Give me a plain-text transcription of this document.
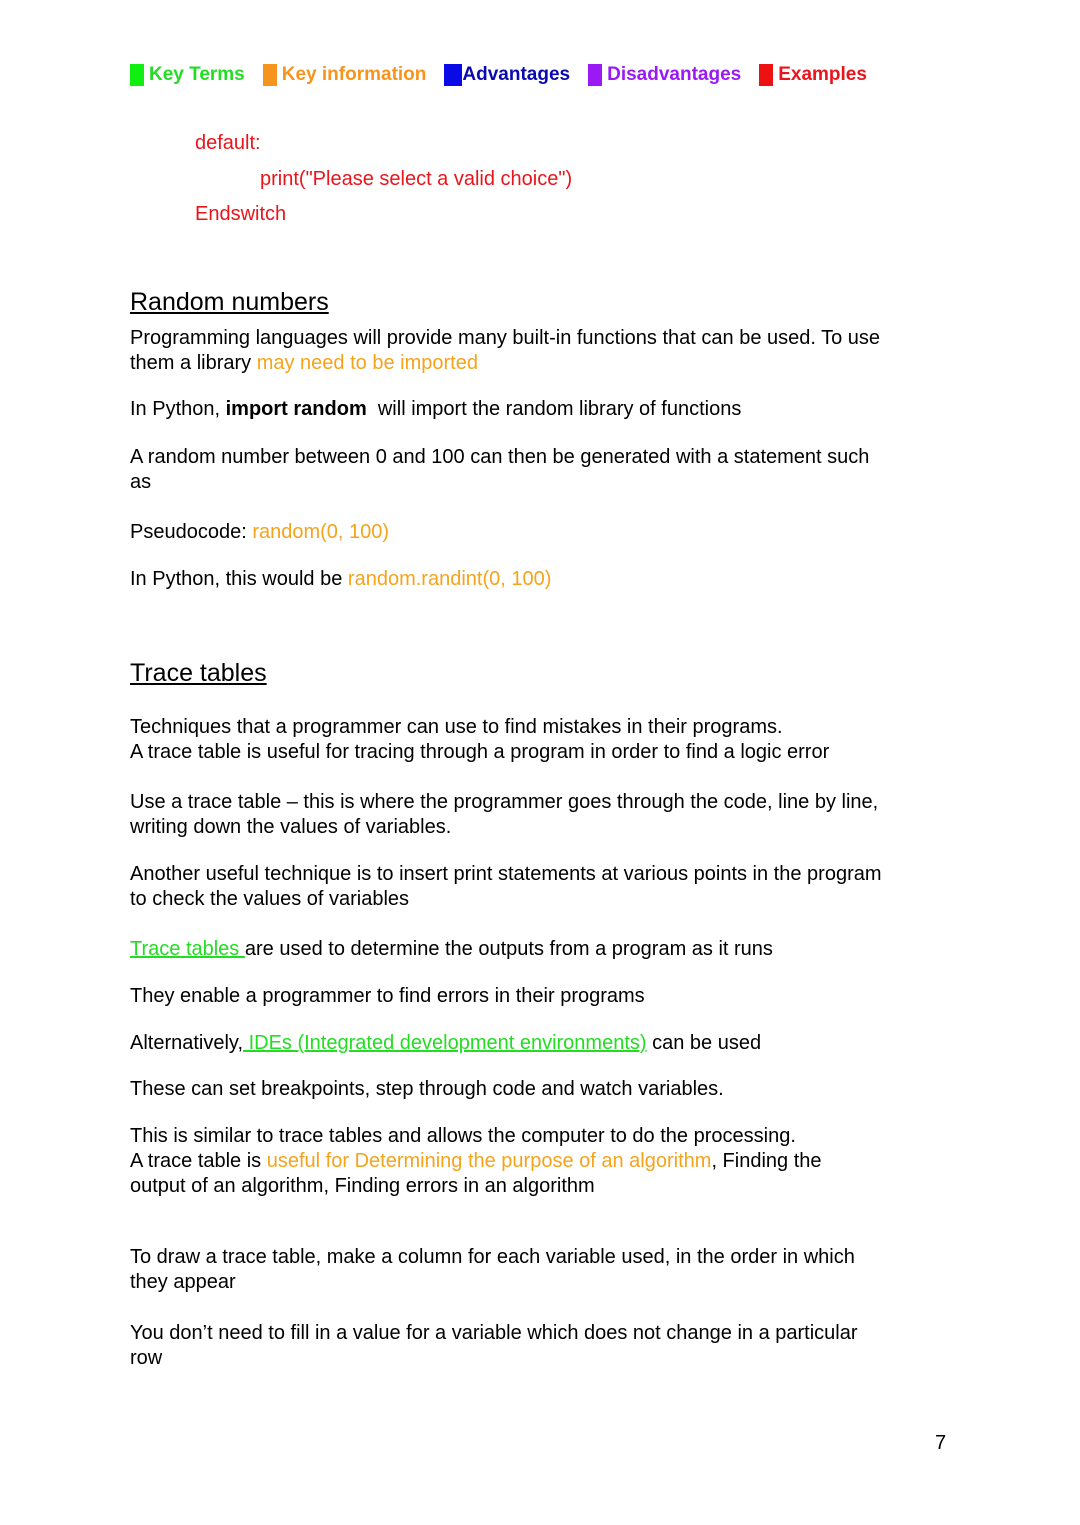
Key Terms Key information Advantages Disadvantages Examples
default:
print("Please select a valid choice")
Endswitch
Random numbers
Programming languages will provide many built-in functions that can be used. To use
them a library may need to be imported
In Python, import random  will import the random library of functions
A random number between 0 and 100 can then be generated with a statement such
as
Pseudocode: random(0, 100)
In Python, this would be random.randint(0, 100)
Trace tables
Techniques that a programmer can use to find mistakes in their programs.
A trace table is useful for tracing through a program in order to find a logic error
Use a trace table – this is where the programmer goes through the code, line by line,
writing down the values of variables.
Another useful technique is to insert print statements at various points in the program
to check the values of variables
Trace tables are used to determine the outputs from a program as it runs
They enable a programmer to find errors in their programs
Alternatively, IDEs (Integrated development environments) can be used
These can set breakpoints, step through code and watch variables.
This is similar to trace tables and allows the computer to do the processing.
A trace table is useful for Determining the purpose of an algorithm, Finding the
output of an algorithm, Finding errors in an algorithm
To draw a trace table, make a column for each variable used, in the order in which
they appear
You don’t need to fill in a value for a variable which does not change in a particular
row
7
